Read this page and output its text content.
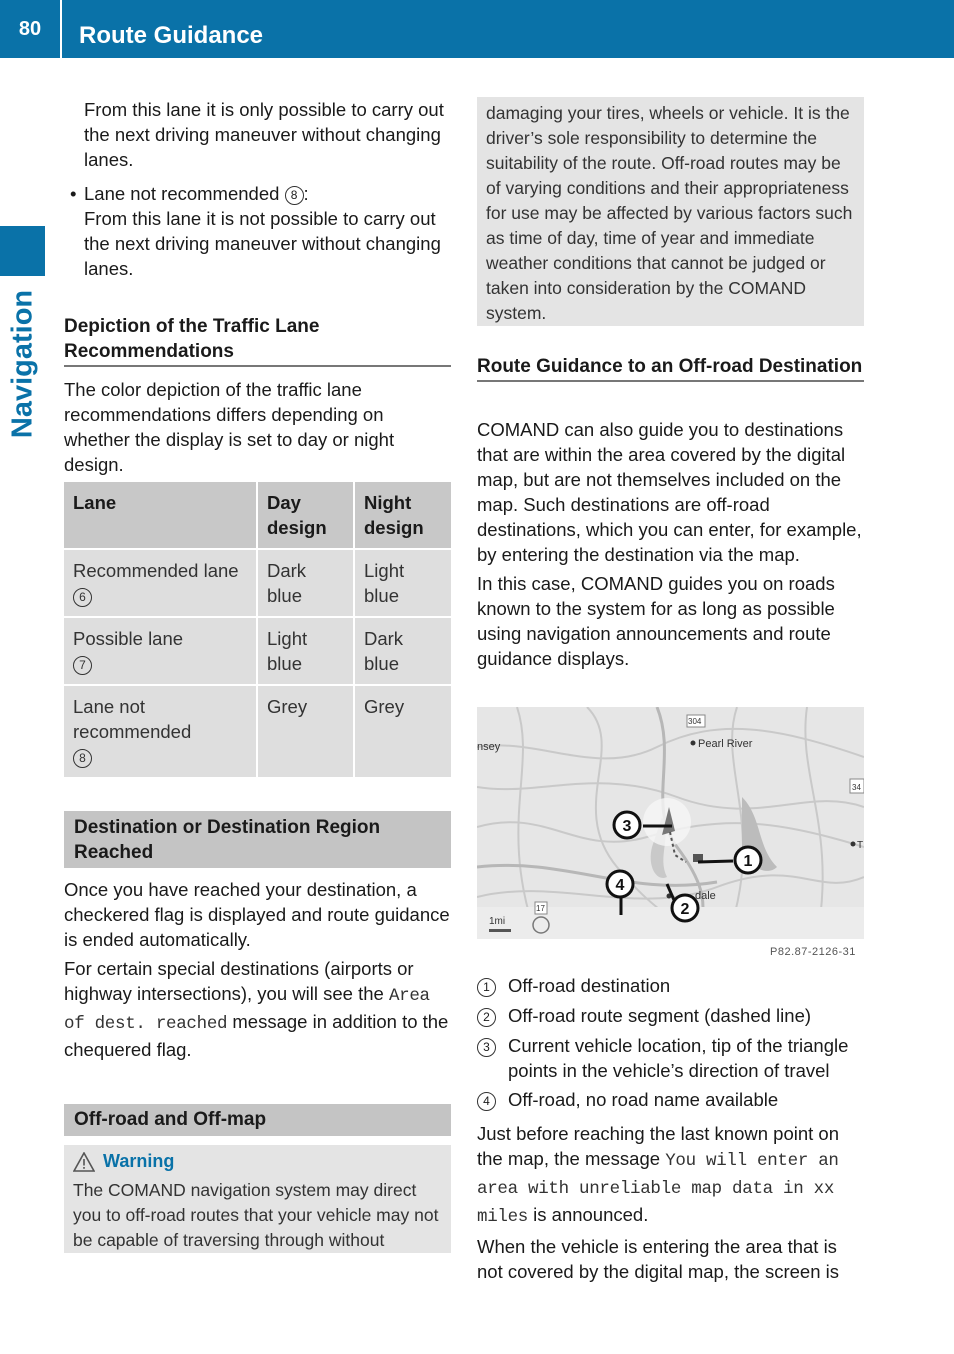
80	Route Guidance
Navigation

From this lane it is only possible to carry out the next driving maneuver without changing lanes.

• Lane not recommended 8 :
From this lane it is not possible to carry out the next driving maneuver without changing lanes.
Depiction of the Traffic Lane Recommendations

The color depiction of the traffic lane recommendations differs depending on whether the display is set to day or night design.

Lane	Day design	Night design
Recommended lane
6	Dark blue	Light blue
Possible lane
7	Light blue	Dark blue
Lane not recommended
8	Grey	Grey
Destination or Destination Region Reached

Once you have reached your destination, a checkered flag is displayed and route guidance is ended automatically.

For certain special destinations (airports or highway intersections), you will see the Area of dest. reached message in addition to the chequered flag.

Off-road and Off-map
Warning
The COMAND navigation system may direct you to off-road routes that your vehicle may not be capable of traversing through without
damaging your tires, wheels or vehicle. It is the driver’s sole responsibility to determine the suitability of the route. Off-road routes may be of varying conditions and their appropriateness for use may be affected by various factors such as time of day, time of year and immediate weather conditions that cannot be judged or taken into consideration by the COMAND system.
Route Guidance to an Off-road Destination

COMAND can also guide you to destinations that are within the area covered by the digital map, but are not themselves included on the map. Such destinations are off-road destinations, which you can enter, for example, by entering the destination via the map.

In this case, COMAND guides you on roads known to the system for as long as possible using navigation announcements and route guidance displays.

Pearl River
nsey
dale
304
17
T
34
1mi
3
1
2
4
P82.87-2126-31
1 Off-road destination
2 Off-road route segment (dashed line)
3 Current vehicle location, tip of the triangle points in the vehicle’s direction of travel
4 Off-road, no road name available

Just before reaching the last known point on the map, the message You will enter an area with unreliable map data in xx miles is announced.

When the vehicle is entering the area that is not covered by the digital map, the screen is
